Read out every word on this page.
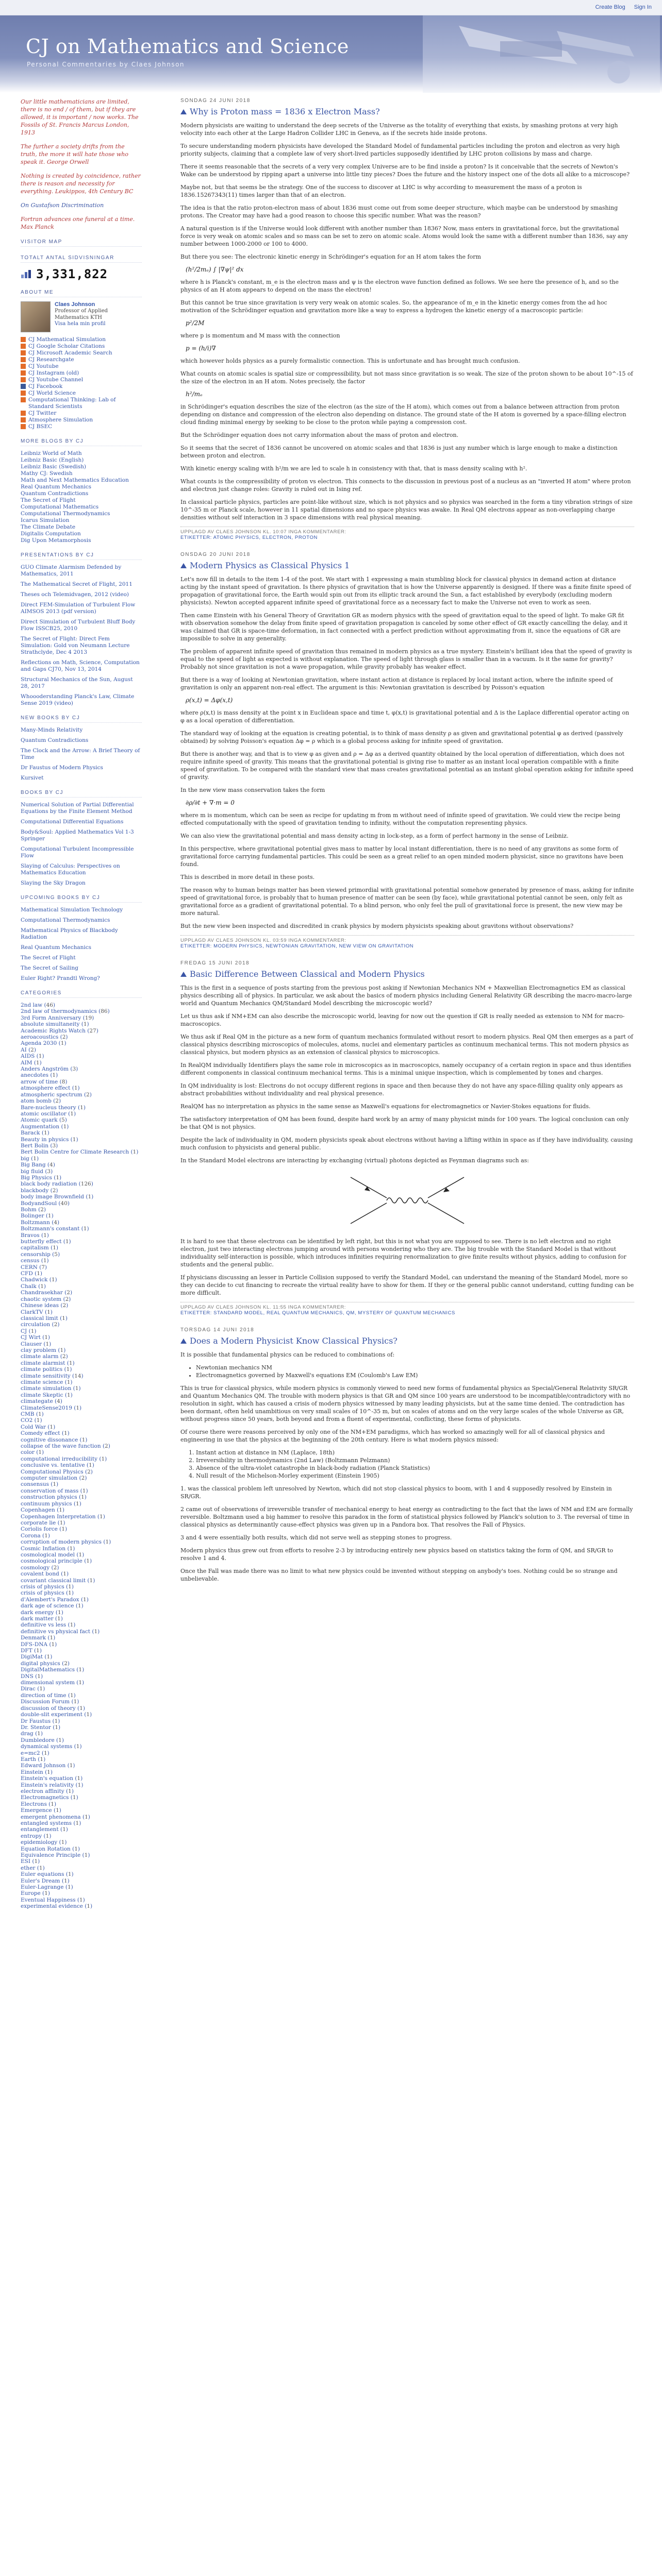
Create Blog Sign In
CJ on Mathematics and Science
Personal Commentaries by Claes Johnson
Our little mathematicians are limited, there is no end / of them, but if they are allowed, it is important / now works. The Fossils of St. Francis Marcus London, 1913
The further a society drifts from the truth, the more it will hate those who speak it. George Orwell
Nothing is created by coincidence, rather there is reason and necessity for everything. Leukippos, 4th Century BC
On Gustafson Discrimination
Fortran advances one funeral at a time. Max Planck
VISITOR MAP
TOTALT ANTAL SIDVISNINGAR
3,331,822
ABOUT ME
Claes Johnson
Professor of Applied Mathematics KTH
Visa hela min profil
CJ Mathematical Simulation
CJ Google Scholar Citations
CJ Microsoft Academic Search
CJ Researchgate
CJ Youtube
CJ Instagram (old)
CJ Youtube Channel
CJ Facebook
CJ World Science
Computational Thinking: Lab of Standard Scientists
CJ Twitter
Atmosphere Simulation
CJ BSEC
MORE BLOGS BY CJ
Leibniz World of Math
Leibniz Basic (English)
Leibniz Basic (Swedish)
Mathy CJ: Swedish
Math and Next Mathematics Education
Real Quantum Mechanics
Quantum Contradictions
The Secret of Flight
Computational Mathematics
Computational Thermodynamics
Icarus Simulation
The Climate Debate
Digitalis Computation
Dig Upon Metamorphosis
PRESENTATIONS BY CJ
GUO Climate Alarmism Defended by Mathematics, 2011
The Mathematical Secret of Flight, 2011
Theses och Telemidvagen, 2012 (video)
Direct FEM-Simulation of Turbulent Flow AIMSOS 2013 (pdf version)
Direct Simulation of Turbulent Bluff Body Flow ISSCB25, 2010
The Secret of Flight: Direct Fem Simulation: Gold von Neumann Lecture Strathclyde, Dec 4 2013
Reflections on Math, Science, Computation and Gaps CJ70, Nov 13, 2014
Structural Mechanics of the Sun, August 28, 2017
Whoooderstanding Planck's Law, Climate Sense 2019 (video)
NEW BOOKS BY CJ
Many-Minds Relativity
Quantum Contradictions
The Clock and the Arrow: A Brief Theory of Time
Dr Faustus of Modern Physics
Kursivet
BOOKS BY CJ
Numerical Solution of Partial Differential Equations by the Finite Element Method
Computational Differential Equations
Body&Soul: Applied Mathematics Vol 1-3 Springer
Computational Turbulent Incompressible Flow
Slaying of Calculus: Perspectives on Mathematics Education
Slaying the Sky Dragon
UPCOMING BOOKS BY CJ
Mathematical Simulation Technology
Computational Thermodynamics
Mathematical Physics of Blackbody Radiation
Real Quantum Mechanics
The Secret of Flight
The Secret of Sailing
Euler Right? Prandtl Wrong?
CATEGORIES
2nd law (46)
2nd law of thermodynamics (86)
3rd Form Anniversary (19)
absolute simultaneity (1)
Academic Rights Watch (27)
aeroacoustics (2)
Agenda 2030 (1)
AI (2)
AIDS (1)
AIM (1)
Anders Angström (3)
anecdotes (1)
arrow of time (8)
atmosphere effect (1)
atmospheric spectrum (2)
atom bomb (2)
Bare-nucleus theory (1)
atomic oscillator (1)
Atomic quark (5)
Augmentation (1)
Barack (1)
Beauty in physics (1)
Bert Bolin (3)
Bert Bolin Centre for Climate Research (1)
big (1)
Big Bang (4)
big fluid (3)
Big Physics (1)
black body radiation (126)
blackbody (2)
body image Brownfield (1)
BodyandSoul (40)
Bohm (2)
Bolinger (1)
Boltzmann (4)
Boltzmann's constant (1)
Bravos (1)
butterfly effect (1)
capitalism (1)
censorship (5)
census (1)
CERN (7)
CFD (1)
Chadwick (1)
Chalk (1)
Chandrasekhar (2)
chaotic system (2)
Chinese ideas (2)
ClarkTV (1)
classical limit (1)
circulation (2)
CJ (1)
CJ Wirt (1)
Clauser (1)
clay problem (1)
climate alarm (2)
climate alarmist (1)
climate politics (1)
climate sensitivity (14)
climate science (1)
climate simulation (1)
climate Skeptic (1)
climategate (4)
ClimateSense2019 (1)
CMB (1)
CO2 (1)
Cold War (1)
Comedy effect (1)
cognitive dissonance (1)
collapse of the wave function (2)
color (1)
computational irreducibility (1)
conclusive vs. tentative (1)
Computational Physics (2)
computer simulation (2)
consensus (1)
conservation of mass (1)
construction physics (1)
continuum physics (1)
Copenhagen (1)
Copenhagen Interpretation (1)
corporate lie (1)
Coriolis force (1)
Corona (1)
corruption of modern physics (1)
Cosmic Inflation (1)
cosmological model (1)
cosmological principle (1)
cosmology (2)
covalent bond (1)
covariant classical limit (1)
crisis of physics (1)
crisis of physics (1)
d'Alembert's Paradox (1)
dark age of science (1)
dark energy (1)
dark matter (1)
definitive vs less (1)
definitive vs physical fact (1)
Denmark (1)
DFS-DNA (1)
DFT (1)
DigiMat (1)
digital physics (2)
DigitalMathematics (1)
DNS (1)
dimensional system (1)
Dirac (1)
direction of time (1)
Discussion Forum (1)
discussion of theory (1)
double-slit experiment (1)
Dr Faustus (1)
Dr. Stentor (1)
drag (1)
Dumbledore (1)
dynamical systems (1)
e=mc2 (1)
Earth (1)
Edward Johnson (1)
Einstein (1)
Einstein's equation (1)
Einstein's relativity (1)
electron affinity (1)
Electromagnetics (1)
Electrons (1)
Emergence (1)
emergent phenomena (1)
entangled systems (1)
entanglement (1)
entropy (1)
epidemiology (1)
Equation Rotation (1)
Equivalence Principle (1)
ESI (1)
ether (1)
Euler equations (1)
Euler's Dream (1)
Euler-Lagrange (1)
Europe (1)
Eventual Happiness (1)
experimental evidence (1)
SÖNDAG 24 JUNI 2018
Why is Proton mass = 1836 x Electron Mass?

Modern physicists are waiting to understand the deep secrets of the Universe as the totality of everything that exists, by smashing protons at very high velocity into each other at the Large Hadron Collider LHC in Geneva, as if the secrets hide inside protons.

To secure understanding modern physicists have developed the Standard Model of fundamental particles including the proton and electron as very high priority subjects, claiming that a complete law of very short-lived particles supposedly identified by LHC proton collisions by mass and charge.

There it seems reasonable that the secrets of a very very complex Universe are to be find inside a proton? Is it conceivable that the secrets of Newton's Wake can be understood by ripping apart a universe into little tiny pieces? Does the future and the history inspect one of the dots all alike to a microscope?

Maybe not, but that seems be the strategy. One of the success to discover at LHC is why according to measurement the mass of a proton is 1836.15267343(11) times larger than that of an electron.

The idea is that the ratio proton-electron mass of about 1836 must come out from some deeper structure, which maybe can be understood by smashing protons. The Creator may have had a good reason to choose this specific number. What was the reason?

A natural question is if the Universe would look different with another number than 1836? Now, mass enters in gravitational force, but the gravitational force is very weak on atomic scales and so mass can be set to zero on atomic scale. Atoms would look the same with a different number than 1836, say any number between 1000-2000 or 100 to 4000.

But there you see: The electronic kinetic energy in Schrödinger's equation for an H atom takes the form

(h²/2mₑ) ∫ |∇ψ|² dx

where h is Planck's constant, m_e is the electron mass and ψ is the electron wave function defined as follows. We see here the presence of h, and so the physics of an H atom appears to depend on the mass the electron!

But this cannot be true since gravitation is very very weak on atomic scales. So, the appearance of m_e in the kinetic energy comes from the ad hoc motivation of the Schrödinger equation and gravitation more like a way to express a hydrogen the kinetic energy of a macroscopic particle:

p²/2M

where p is momentum and M mass with the connection

p = (h/i)∇

which however holds physics as a purely formalistic connection. This is unfortunate and has brought much confusion.

What counts on atomic scales is spatial size or compressibility, but not mass since gravitation is so weak. The size of the proton shown to be about 10^-15 of the size of the electron in an H atom. Notes precisely, the factor

h²/mₑ

in Schrödinger's equation describes the size of the electron (as the size of the H atom), which comes out from a balance between attraction from proton depending on distance and compression of the electron also depending on distance. The ground state of the H atom is governed by a space-filling electron cloud finding minimal energy by seeking to be close to the proton while paying a compression cost.

But the Schrödinger equation does not carry information about the mass of proton and electron.

So it seems that the secret of 1836 cannot be uncovered on atomic scales and that 1836 is just any number which is large enough to make a distinction between proton and electron.

With kinetic energy scaling with h²/m we are led to scale h in consistency with that, that is mass density scaling with h².

What counts is the compressibility of proton vs electron. This connects to the discussion in previous post of a nucleus as an "inverted H atom" where proton and electron just change roles: Gravity is ruled out in Ising ref.

In classical particle physics, particles are point-like without size, which is not physics and so physics was searched in the form a tiny vibration strings of size 10^-35 m or Planck scale, however in 11 spatial dimensions and no space physics was awake. In Real QM electrons appear as non-overlapping charge densities without self interaction in 3 space dimensions with real physical meaning.

UPPLAGD AV CLAES JOHNSON KL. 10:07 INGA KOMMENTARER:
ETIKETTER: ATOMIC PHYSICS, ELECTRON, PROTON
ONSDAG 20 JUNI 2018
Modern Physics as Classical Physics 1

Let's now fill in details to the item 1-4 of the post. We start with 1 expressing a main stumbling block for classical physics in demand action at distance acting by the instant speed of gravitation. Is there physics of gravitation that is how the Universe apparently is designed. If there was a finite finite speed of propagation of gravitational force, the Earth would spin out from its elliptic track around the Sun, a fact established by everybody (excluding modern physicists). Newton accepted apparent infinite speed of gravitational force as a necessary fact to make the Universe not even to work as seen.

Then came Einstein with his General Theory of Gravitation GR as modern physics with the speed of gravitation equal to the speed of light. To make GR fit with observation somehow the delay from finite speed of gravitation propagation is canceled by some other effect of GR exactly cancelling the delay, and it was claimed that GR is space-time deformation, in fact connected with a perfect prediction without approximating from it, since the equations of GR are impossible to solve in any generality.

The problem of apparent infinite speed of gravitation thus remained in modern physics as a true mystery. Einstein's brilliant idea that the speed of gravity is equal to the speed of light as expected is without explanation. The speed of light through glass is smaller than in a vacuum. Is it the same for gravity? Probably not since gravitation is not a wave propagation, while gravity probably has weaker effect.

But there is a way of looking at Newtonian gravitation, where instant action at distance is replaced by local instant action, where the infinite speed of gravitation is only an apparent non-real effect. The argument is this: Newtonian gravitation is described by Poisson's equation

ρ(x,t) = Δφ(x,t)

where ρ(x,t) is mass density at the point x in Euclidean space and time t, φ(x,t) is gravitational potential and Δ is the Laplace differential operator acting on φ as a local operation of differentiation.

The standard way of looking at the equation is creating potential, is to think of mass density ρ as given and gravitational potential φ as derived (passively obtained) by solving Poisson's equation Δφ = ρ which is a global process asking for infinite speed of gravitation.

But there is another way, and that is to view φ as given and ρ = Δφ as a derived quantity obtained by the local operation of differentiation, which does not require infinite speed of gravity. This means that the gravitational potential is giving rise to matter as an instant local operation compatible with a finite speed of gravitation. To be compared with the standard view that mass creates gravitational potential as an instant global operation asking for infinite speed of gravity.

In the new view mass conservation takes the form

∂ρ/∂t + ∇·m = 0

where m is momentum, which can be seen as recipe for updating m from m without need of infinite speed of gravitation. We could view the recipe being effected computationally with the speed of gravitation tending to infinity, without the computation representing physics.

We can also view the gravitational potential and mass density acting in lock-step, as a form of perfect harmony in the sense of Leibniz.

In this perspective, where gravitational potential gives mass to matter by local instant differentiation, there is no need of any gravitons as some form of gravitational force carrying fundamental particles. This could be seen as a great relief to an open minded modern physicist, since no gravitons have been found.

This is described in more detail in these posts.

The reason why to human beings matter has been viewed primordial with gravitational potential somehow generated by presence of mass, asking for infinite speed of gravitational force, is probably that to human presence of matter can be seen (by face), while gravitational potential cannot be seen, only felt as gravitational force as a gradient of gravitational potential. To a blind person, who only feel the pull of gravitational force is present, the new view may be more natural.

But the new view been inspected and discredited in crank physics by modern physicists speaking about gravitons without observations?

UPPLAGD AV CLAES JOHNSON KL. 03:59 INGA KOMMENTARER:
ETIKETTER: MODERN PHYSICS, NEWTONIAN GRAVITATION, NEW VIEW ON GRAVITATION
FREDAG 15 JUNI 2018
Basic Difference Between Classical and Modern Physics

This is the first in a sequence of posts starting from the previous post asking if Newtonian Mechanics NM + Maxwellian Electromagnetics EM as classical physics describing all of physics. In particular, we ask about the basics of modern physics including General Relativity GR describing the macro-macro-large world and Quantum Mechanics QM/Standard Model describing the microscopic world?

Let us thus ask if NM+EM can also describe the microscopic world, leaving for now out the question if GR is really needed as extension to NM for macro-macroscopics.

We thus ask if Real QM in the picture as a new form of quantum mechanics formulated without resort to modern physics. Real QM then emerges as a part of classical physics describing microscopics of molecules, atoms, nuclei and elementary particles as continuum mechanical terms. This not modern physics as classical physics, but modern physics as an extension of classical physics to microscopics.

In RealQM individually Identifiers plays the same role in microscopics as in macroscopics, namely occupancy of a certain region in space and thus identifies different components in classical continuum mechanical terms. This is a minimal unique inspection, which is complemented by tones and charges.

In QM individuality is lost: Electrons do not occupy different regions in space and then because they do not have any space-filling quality only appears as abstract probabilities without individuality and real physical presence.

RealQM has no interpretation as physics in the same sense as Maxwell's equations for electromagnetics or Navier-Stokes equations for fluids.

The satisfactory interpretation of QM has been found, despite hard work by an army of many physicist minds for 100 years. The logical conclusion can only be that QM is not physics.

Despite the lack of individuality in QM, modern physicists speak about electrons without having a lifting within in space as if they have individuality, causing much confusion to physicists and general public.

In the Standard Model electrons are interacting by exchanging (virtual) photons depicted as Feynman diagrams such as:

It is hard to see that these electrons can be identified by left right, but this is not what you are supposed to see. There is no left electron and no right electron, just two interacting electrons jumping around with persons wondering who they are. The big trouble with the Standard Model is that without individuality self-interaction is possible, which introduces infinities requiring renormalization to give finite results without physics, adding to confusion for students and the general public.

If physicians discussing an lesser in Particle Collision supposed to verify the Standard Model, can understand the meaning of the Standard Model, more so they can decide to cut financing to recreate the virtual reality have to show for them. If they or the general public cannot understand, cutting funding can be more difficult.

UPPLAGD AV CLAES JOHNSON KL. 11:55 INGA KOMMENTARER:
ETIKETTER: STANDARD MODEL, REAL QUANTUM MECHANICS, QM, MYSTERY OF QUANTUM MECHANICS
TORSDAG 14 JUNI 2018
Does a Modern Physicist Know Classical Physics?

It is possible that fundamental physics can be reduced to combinations of:

• Newtonian mechanics NM
• Electromagnetics governed by Maxwell's equations EM (Coulomb's Law EM)

This is true for classical physics, while modern physics is commonly viewed to need new forms of fundamental physics as Special/General Relativity SR/GR and Quantum Mechanics QM. The trouble with modern physics is that GR and QM since 100 years are understood to be incompatible/contradictory with no resolution in sight, which has caused a crisis of modern physics witnessed by many leading physicists, but at the same time denied. The contradiction has been dormant, often held unambitious on very small scales of 10^-35 m, but on scales of atoms and on the very large scales of the whole Universe as GR, without progress since 50 years, both beyond and from a fluent of experimental, conflicting, these forms of physicists.

Of course there were reasons perceived by only one of the NM+EM paradigms, which has worked so amazingly well for all of classical physics and engineering in use that the physics at the beginning of the 20th century. Here is what modern physics missed:

1. Instant action at distance in NM (Laplace, 18th)
2. Irreversibility in thermodynamics (2nd Law) (Boltzmann Pelzmann)
3. Absence of the ultra-violet catastrophe in black-body radiation (Planck Statistics)
4. Null result of the Michelson-Morley experiment (Einstein 1905)

1. was the classical problem left unresolved by Newton, which did not stop classical physics to boom, with 1 and 4 supposedly resolved by Einstein in SR/GR.

2 came out of observations of irreversible transfer of mechanical energy to heat energy as contradicting to the fact that the laws of NM and EM are formally reversible. Boltzmann used a big hammer to resolve this paradox in the form of statistical physics followed by Planck's solution to 3. The reversal of time in classical physics as determinantly cause-effect physics was given up in a Pandora box. That resolves the Fall of Physics.

3 and 4 were essentially both results, which did not serve well as stepping stones to progress.

Modern physics thus grew out from efforts to resolve 2-3 by introducing entirely new physics based on statistics taking the form of QM, and SR/GR to resolve 1 and 4.

Once the Fall was made there was no limit to what new physics could be invented without stepping on anybody's toes. Nothing could be so strange and unbelievable.
